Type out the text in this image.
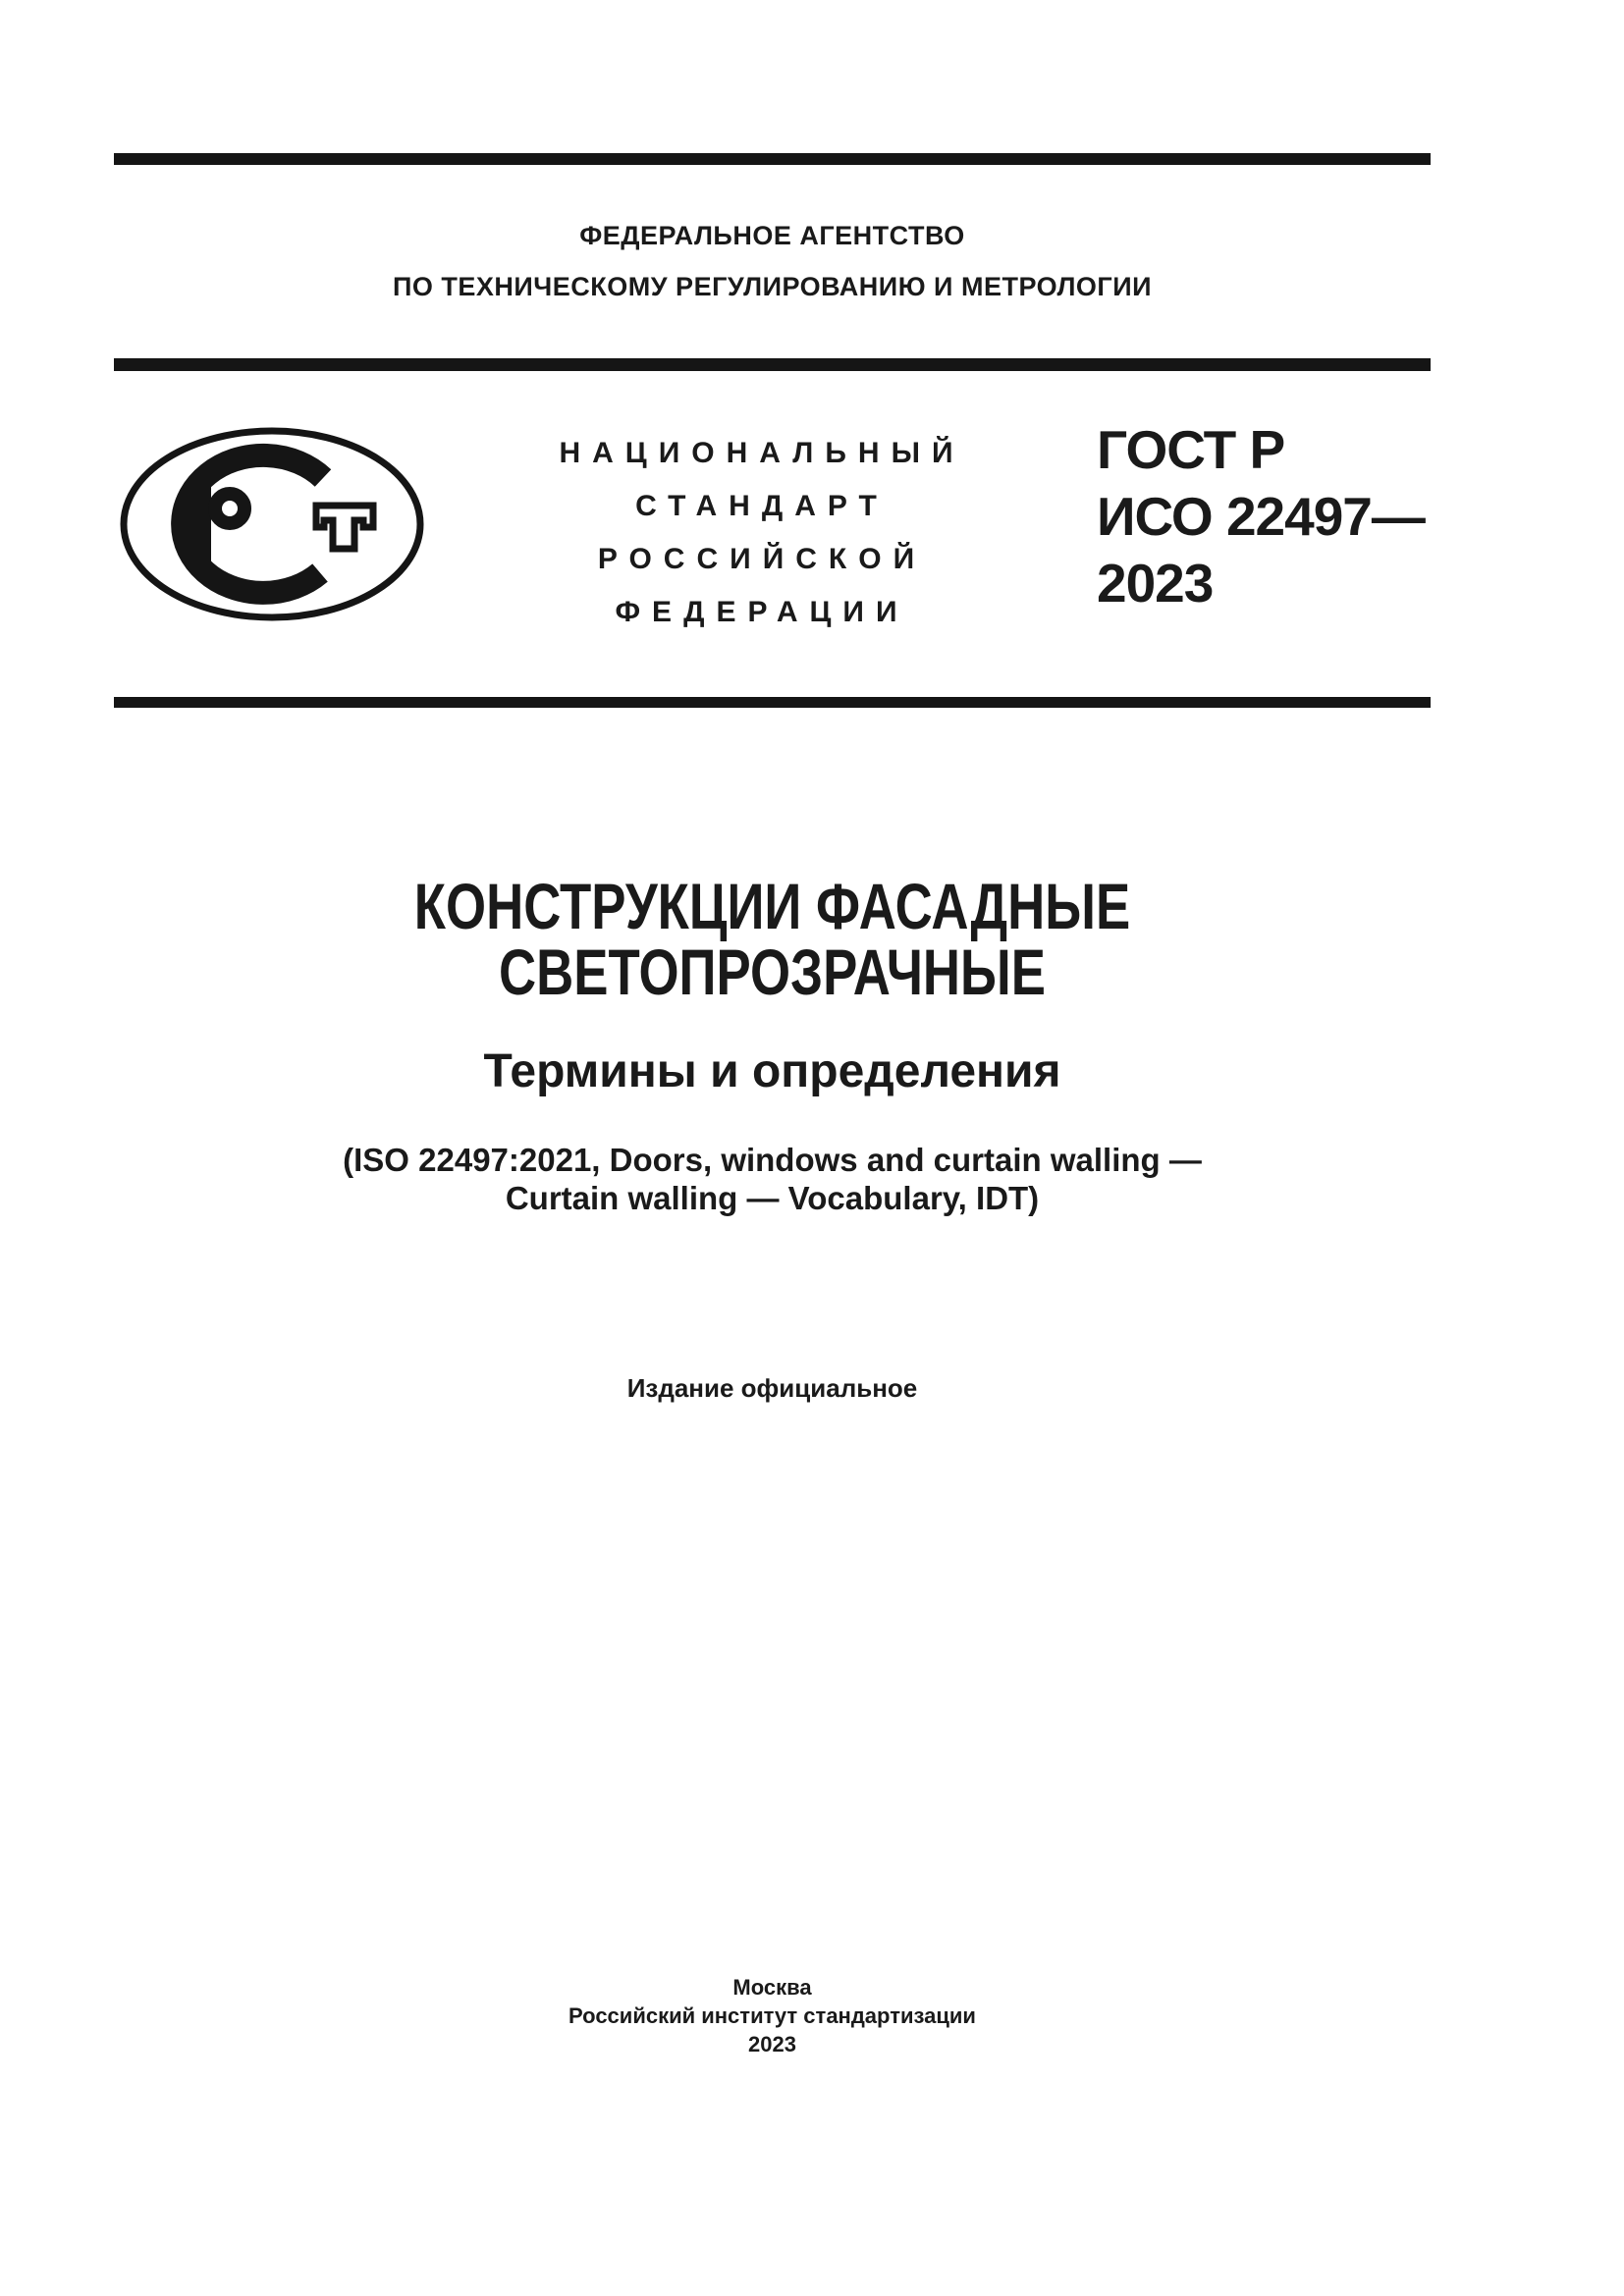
ФЕДЕРАЛЬНОЕ АГЕНТСТВО
ПО ТЕХНИЧЕСКОМУ РЕГУЛИРОВАНИЮ И МЕТРОЛОГИИ
НАЦИОНАЛЬНЫЙ
СТАНДАРТ
РОССИЙСКОЙ
ФЕДЕРАЦИИ
ГОСТ Р
ИСО 22497—
2023
КОНСТРУКЦИИ ФАСАДНЫЕ
СВЕТОПРОЗРАЧНЫЕ
Термины и определения
(ISO 22497:2021, Doors, windows and curtain walling —
Curtain walling — Vocabulary, IDT)
Издание официальное
Москва
Российский институт стандартизации
2023
